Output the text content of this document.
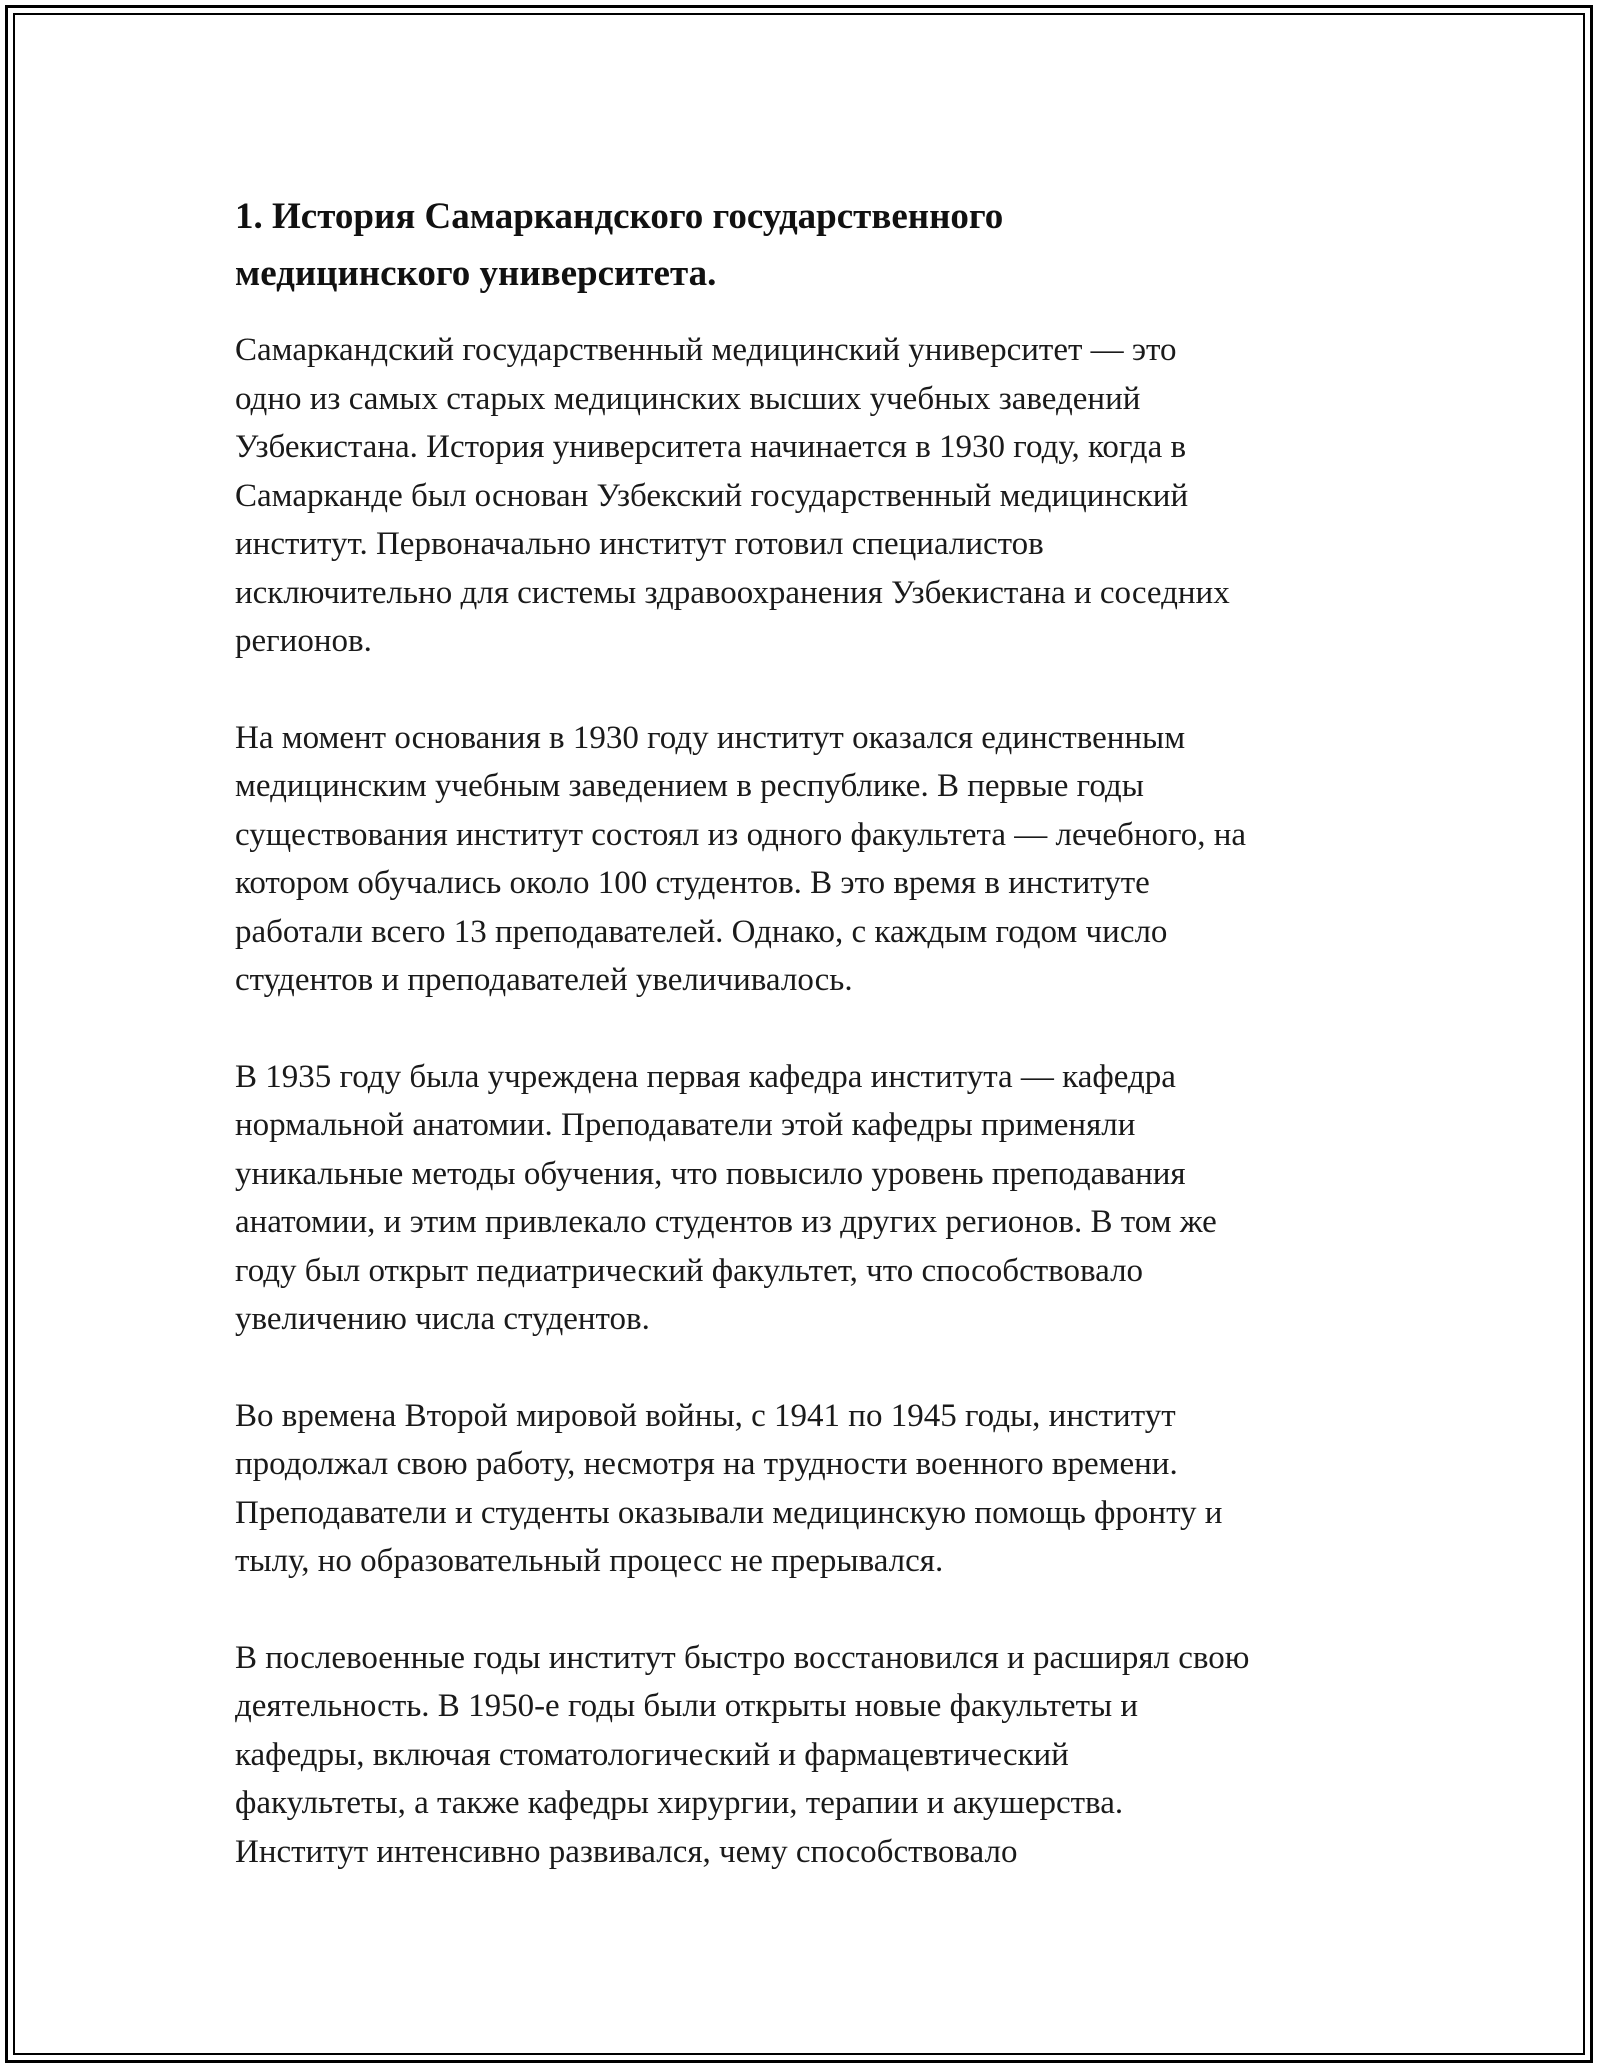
1. История Самаркандского государственного
медицинского университета.

Самаркандский государственный медицинский университет — это
одно из самых старых медицинских высших учебных заведений
Узбекистана. История университета начинается в 1930 году, когда в
Самарканде был основан Узбекский государственный медицинский
институт. Первоначально институт готовил специалистов
исключительно для системы здравоохранения Узбекистана и соседних
регионов.

На момент основания в 1930 году институт оказался единственным
медицинским учебным заведением в республике. В первые годы
существования институт состоял из одного факультета — лечебного, на
котором обучались около 100 студентов. В это время в институте
работали всего 13 преподавателей. Однако, с каждым годом число
студентов и преподавателей увеличивалось.

В 1935 году была учреждена первая кафедра института — кафедра
нормальной анатомии. Преподаватели этой кафедры применяли
уникальные методы обучения, что повысило уровень преподавания
анатомии, и этим привлекало студентов из других регионов. В том же
году был открыт педиатрический факультет, что способствовало
увеличению числа студентов.

Во времена Второй мировой войны, с 1941 по 1945 годы, институт
продолжал свою работу, несмотря на трудности военного времени.
Преподаватели и студенты оказывали медицинскую помощь фронту и
тылу, но образовательный процесс не прерывался.

В послевоенные годы институт быстро восстановился и расширял свою
деятельность. В 1950-е годы были открыты новые факультеты и
кафедры, включая стоматологический и фармацевтический
факультеты, а также кафедры хирургии, терапии и акушерства.
Институт интенсивно развивался, чему способствовало
